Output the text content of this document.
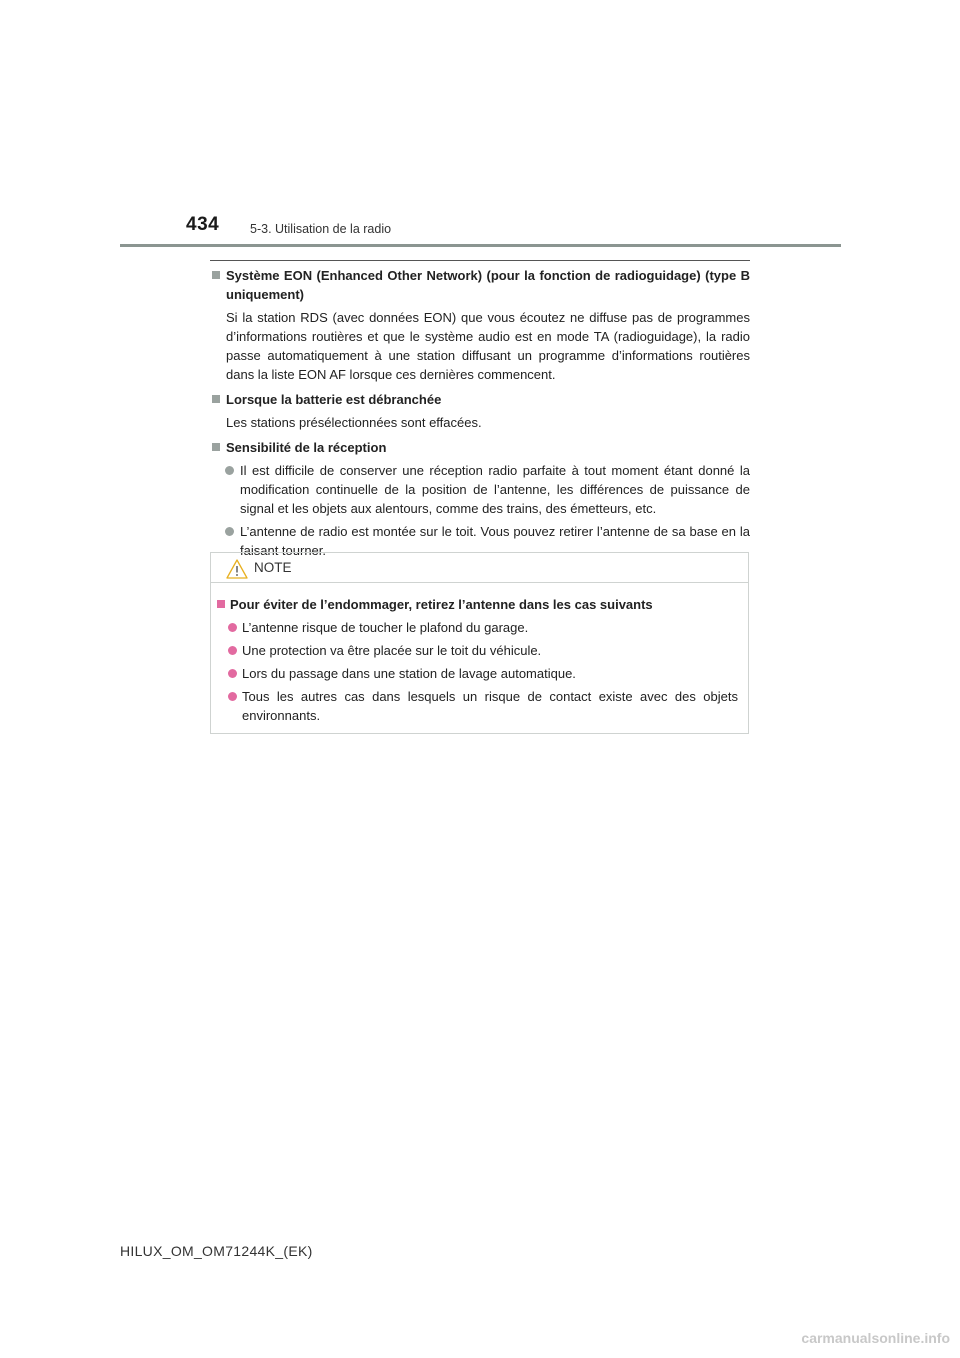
434 5-3. Utilisation de la radio
Système EON (Enhanced Other Network) (pour la fonction de radioguidage) (type B uniquement)
Si la station RDS (avec données EON) que vous écoutez ne diffuse pas de programmes d’informations routières et que le système audio est en mode TA (radioguidage), la radio passe automatiquement à une station diffusant un programme d’informations routières dans la liste EON AF lorsque ces dernières commencent.
Lorsque la batterie est débranchée
Les stations présélectionnées sont effacées.
Sensibilité de la réception
Il est difficile de conserver une réception radio parfaite à tout moment étant donné la modification continuelle de la position de l’antenne, les différences de puissance de signal et les objets aux alentours, comme des trains, des émetteurs, etc.
L’antenne de radio est montée sur le toit. Vous pouvez retirer l’antenne de sa base en la faisant tourner.
NOTE
Pour éviter de l’endommager, retirez l’antenne dans les cas suivants
L’antenne risque de toucher le plafond du garage.
Une protection va être placée sur le toit du véhicule.
Lors du passage dans une station de lavage automatique.
Tous les autres cas dans lesquels un risque de contact existe avec des objets environnants.
HILUX_OM_OM71244K_(EK)
carmanualsonline.info
